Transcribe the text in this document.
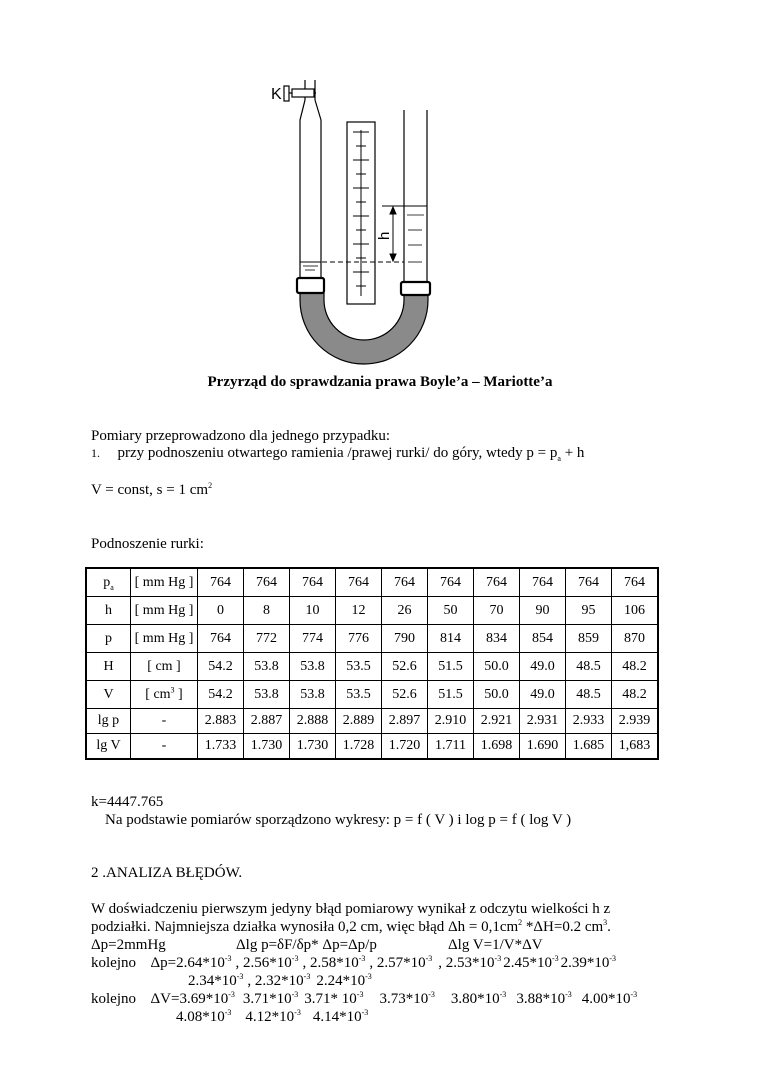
K
h
Przyrząd do sprawdzania prawa Boyle’a – Mariotte’a
Pomiary przeprowadzono dla jednego przypadku:
1. przy podnoszeniu otwartego ramienia /prawej rurki/ do góry, wtedy $p = p_a + h$
V = const, s = 1 $cm^2$
Podnoszenie rurki:
$p_a$	[ mm Hg ]	764	764	764	764	764	764	764	764	764	764
h	[ mm Hg ]	0	8	10	12	26	50	70	90	95	106
p	[ mm Hg ]	764	772	774	776	790	814	834	854	859	870
H	[ cm ]	54.2	53.8	53.8	53.5	52.6	51.5	50.0	49.0	48.5	48.2
V	[ $cm^3$ ]	54.2	53.8	53.8	53.5	52.6	51.5	50.0	49.0	48.5	48.2
lg p	-	2.883	2.887	2.888	2.889	2.897	2.910	2.921	2.931	2.933	2.939
lg V	-	1.733	1.730	1.730	1.728	1.720	1.711	1.698	1.690	1.685	1,683
k=4447.765
Na podstawie pomiarów sporządzono wykresy: p = f ( V ) i log p = f ( log V )
2 .ANALIZA BŁĘDÓW.
W doświadczeniu pierwszym jedyny błąd pomiarowy wynikał z odczytu wielkości h z
podziałki. Najmniejsza działka wynosiła 0,2 cm, więc błąd $\Delta h = 0,1cm^2$ *ΔH=0.2 $cm^3$.
Δp=2mmHg	Δlg p=δF/δp* Δp=Δp/p	Δlg V=1/V*ΔV
kolejno $\Delta p=2.64*10^{-3}$ , $2.56*10^{-3}$ , $2.58*10^{-3}$ , $2.57*10^{-3}$ , $2.53*10^{-3}$ $2.45*10^{-3}$ $2.39*10^{-3}$
$2.34*10^{-3}$ , $2.32*10^{-3}$ $2.24*10^{-3}$
kolejno $\Delta V=3.69*10^{-3}$ $3.71*10^{-3}$ 3.71* $10^{-3}$ $3.73*10^{-3}$ $3.80*10^{-3}$ $3.88*10^{-3}$ $4.00*10^{-3}$
$4.08*10^{-3}$ $4.12*10^{-3}$ $4.14*10^{-3}$
